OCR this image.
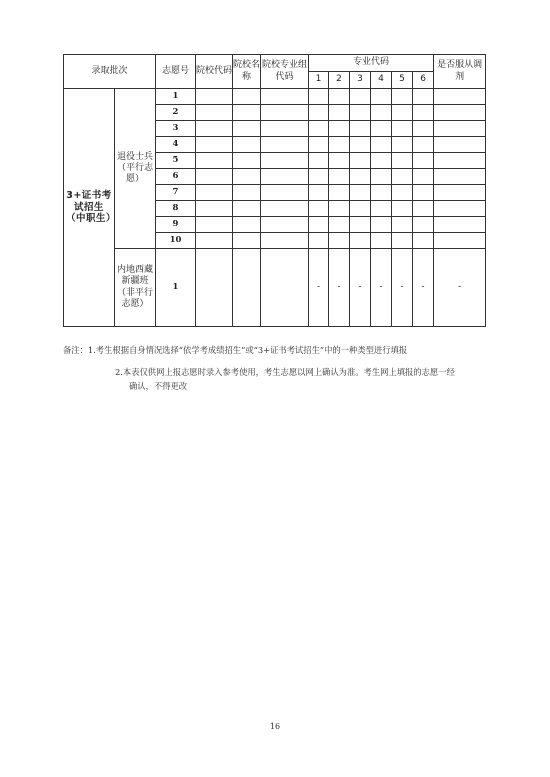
录取批次		志愿号	院校代码	院校名称	院校专业组代码	专业代码						是否服从调剂
						1	2	3	4	5	6	
3+证书考试招生（中职生）	退役士兵（平行志愿）	1										
		2										
		3										
		4										
		5										
		6										
		7										
		8										
		9										
		10										
	内地西藏新疆班（非平行志愿）	1				-	-	-	-	-	-	-
备注：1.考生根据自身情况选择“依学考成绩招生”或“3+证书考试招生”中的一种类型进行填报
2.本表仅供网上报志愿时录入参考使用，考生志愿以网上确认为准。考生网上填报的志愿一经
确认，不得更改
16
